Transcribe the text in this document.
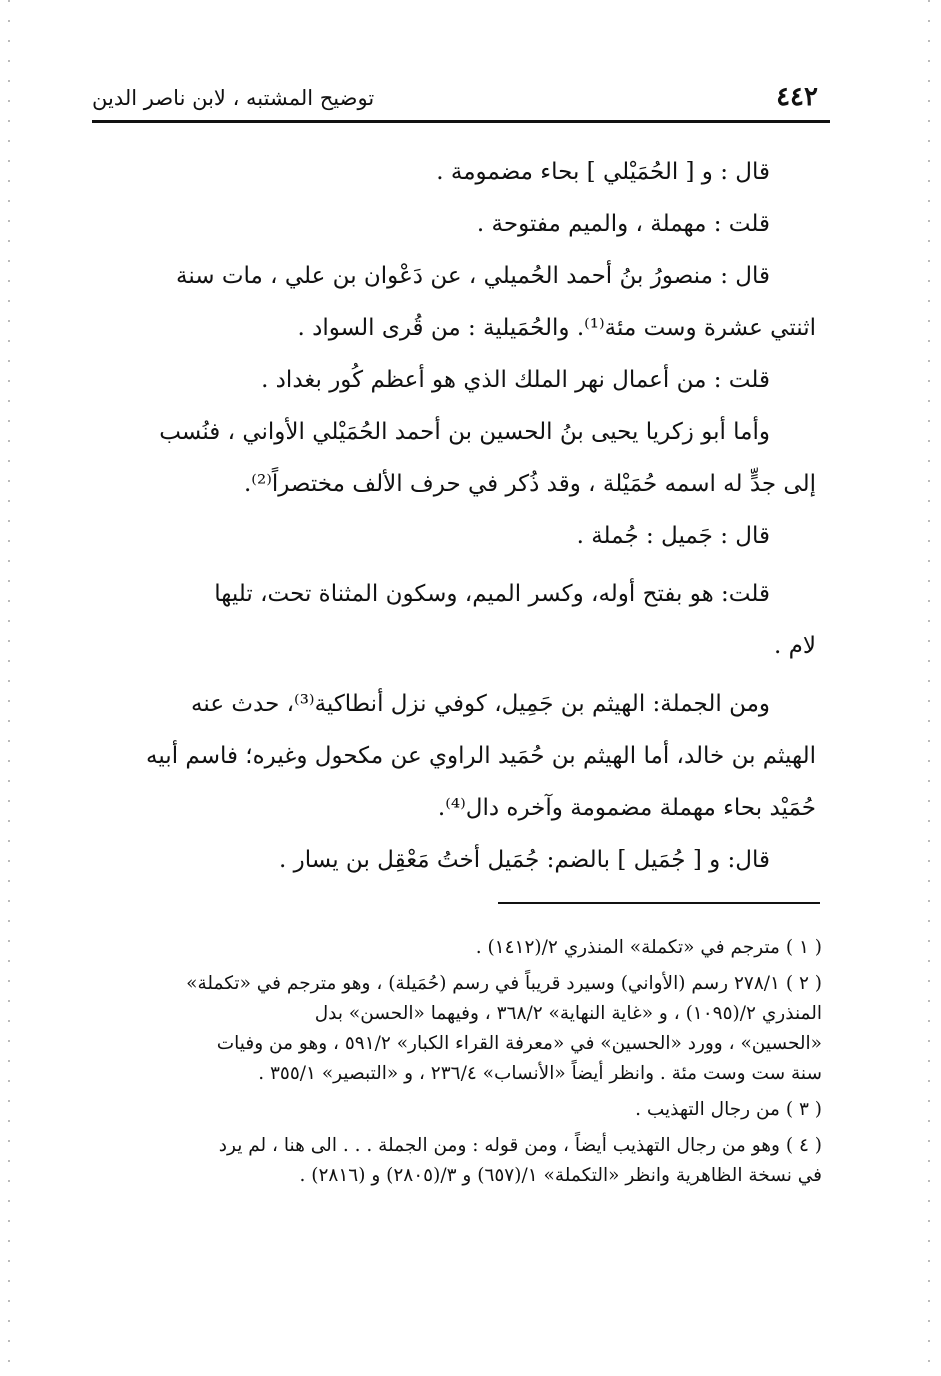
٤٤٢
توضيح المشتبه ، لابن ناصر الدين

قال : و [ الحُمَيْلي ] بحاء مضمومة .

قلت : مهملة ، والميم مفتوحة .

قال : منصورُ بنُ أحمد الحُميلي ، عن دَعْوان بن علي ، مات سنة

اثنتي عشرة وست مئة⁽¹⁾. والحُمَيلية : من قُرى السواد .

قلت : من أعمال نهر الملك الذي هو أعظم كُور بغداد .

وأما أبو زكريا يحيى بنُ الحسين بن أحمد الحُمَيْلي الأواني ، فنُسب

إلى جدٍّ له اسمه حُمَيْلة ، وقد ذُكر في حرف الألف مختصراً⁽²⁾.

قال : جَميل : جُملة .

قلت: هو بفتح أوله، وكسر الميم، وسكون المثناة تحت، تليها

لام .

ومن الجملة: الهيثم بن جَمِيل، كوفي نزل أنطاكية⁽³⁾، حدث عنه

الهيثم بن خالد، أما الهيثم بن حُمَيد الراوي عن مكحول وغيره؛ فاسم أبيه

حُمَيْد بحاء مهملة مضمومة وآخره دال⁽⁴⁾.

قال: و [ جُمَيل ] بالضم: جُمَيل أختُ مَعْقِل بن يسار .

( ١ ) مترجم في «تكملة» المنذري ٢/(١٤١٢) .

( ٢ ) ٢٧٨/١ رسم (الأواني) وسيرد قريباً في رسم (حُمَيلة) ، وهو مترجم في «تكملة»

المنذري ٢/(١٠٩٥) ، و «غاية النهاية» ٣٦٨/٢ ، وفيهما «الحسن» بدل

«الحسين» ، وورد «الحسين» في «معرفة القراء الكبار» ٥٩١/٢ ، وهو من وفيات

سنة ست وست مئة . وانظر أيضاً «الأنساب» ٢٣٦/٤ ، و «التبصير» ٣٥٥/١ .

( ٣ ) من رجال التهذيب .

( ٤ ) وهو من رجال التهذيب أيضاً ، ومن قوله : ومن الجملة . . . الى هنا ، لم يرد

في نسخة الظاهرية وانظر «التكملة» ١/(٦٥٧) و ٣/(٢٨٠٥) و (٢٨١٦) .
